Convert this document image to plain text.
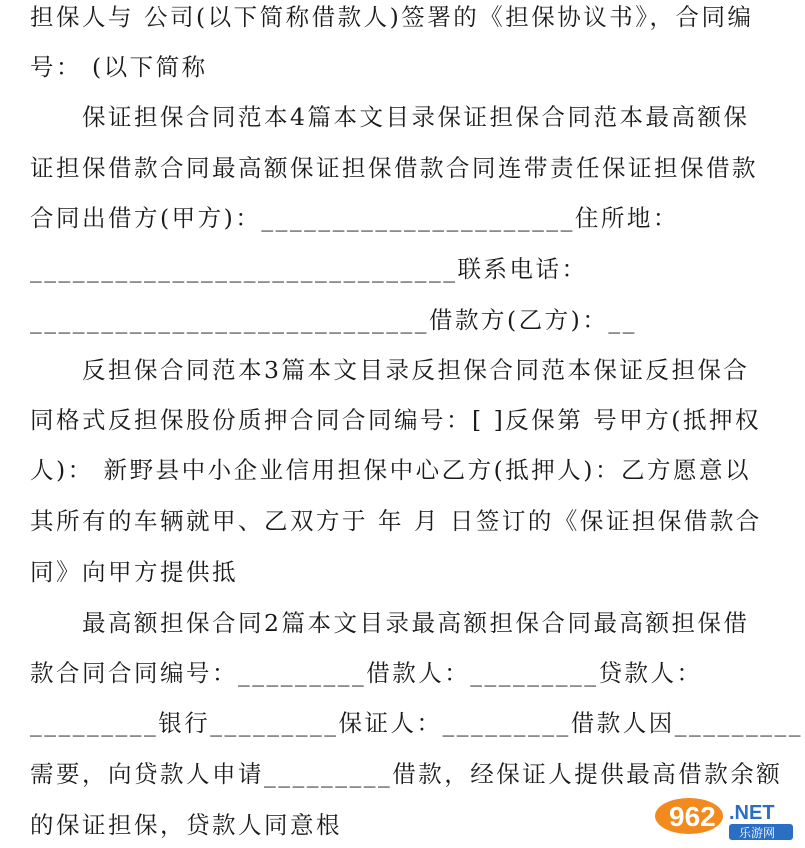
担保人与 公司(以下简称借款人)签署的《担保协议书》，合同编
号： (以下简称
保证担保合同范本4篇本文目录保证担保合同范本最高额保
证担保借款合同最高额保证担保借款合同连带责任保证担保借款
合同出借方(甲方)：______________________住所地：
______________________________联系电话：
____________________________借款方(乙方)：__
反担保合同范本3篇本文目录反担保合同范本保证反担保合
同格式反担保股份质押合同合同编号：[ ]反保第 号甲方(抵押权
人)： 新野县中小企业信用担保中心乙方(抵押人)：乙方愿意以
其所有的车辆就甲、乙双方于 年 月 日签订的《保证担保借款合
同》向甲方提供抵
最高额担保合同2篇本文目录最高额担保合同最高额担保借
款合同合同编号：_________借款人：_________贷款人：
_________银行_________保证人：_________借款人因_________
需要，向贷款人申请_________借款，经保证人提供最高借款余额
的保证担保，贷款人同意根	962 .NET
乐游网
